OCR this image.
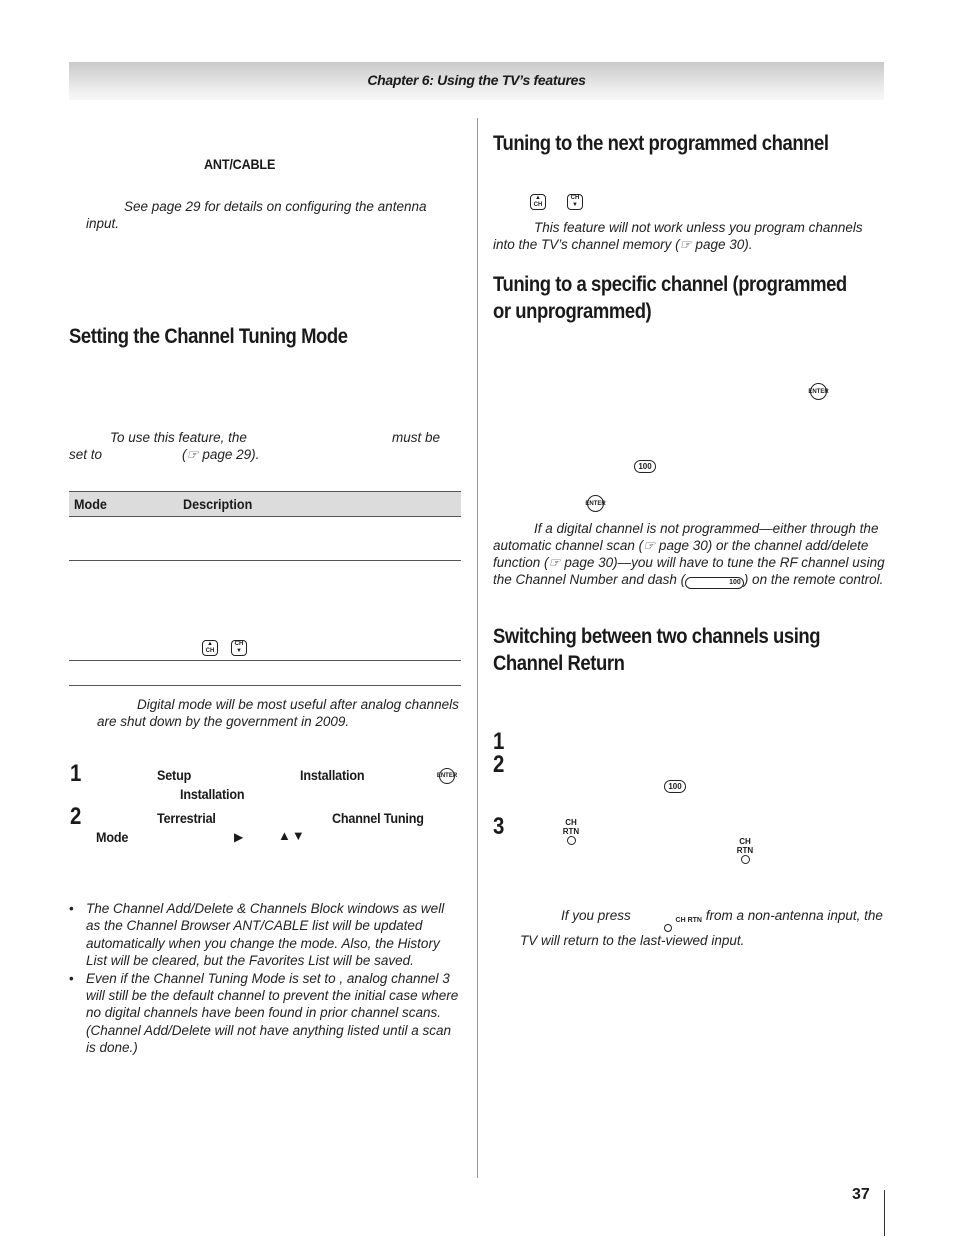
Chapter 6: Using the TV’s features
ANT/CABLE
See page 29 for details on configuring the antenna input.
Setting the Channel Tuning Mode
To use this feature, the	must be
set to	(☞ page 29).
Mode	Description
▲
CH
CH
▼
Digital mode will be most useful after analog channels are shut down by the government in 2009.
1	Setup	Installation	ENTER
Installation
2	Terrestrial	Channel Tuning
Mode	▶	▲▼
• The Channel Add/Delete & Channels Block windows as well as the Channel Browser ANT/CABLE list will be updated automatically when you change the mode. Also, the History List will be cleared, but the Favorites List will be saved.
• Even if the Channel Tuning Mode is set to , analog channel 3 will still be the default channel to prevent the initial case where no digital channels have been found in prior channel scans. (Channel Add/Delete will not have anything listed until a scan is done.)
Tuning to the next programmed channel
▲
CH
CH
▼
This feature will not work unless you program channels into the TV’s channel memory (☞ page 30).
Tuning to a specific channel (programmed
or unprogrammed)
ENTER
100
ENTER
If a digital channel is not programmed—either through the automatic channel scan (☞ page 30) or the channel add/delete function (☞ page 30)—you will have to tune the RF channel using the Channel Number and dash (	100 ) on the remote control.
Switching between two channels using
Channel Return
1
2
100
3	CH RTN
CH RTN
If you press	CH RTN from a non-antenna input, the TV will return to the last-viewed input.
37
